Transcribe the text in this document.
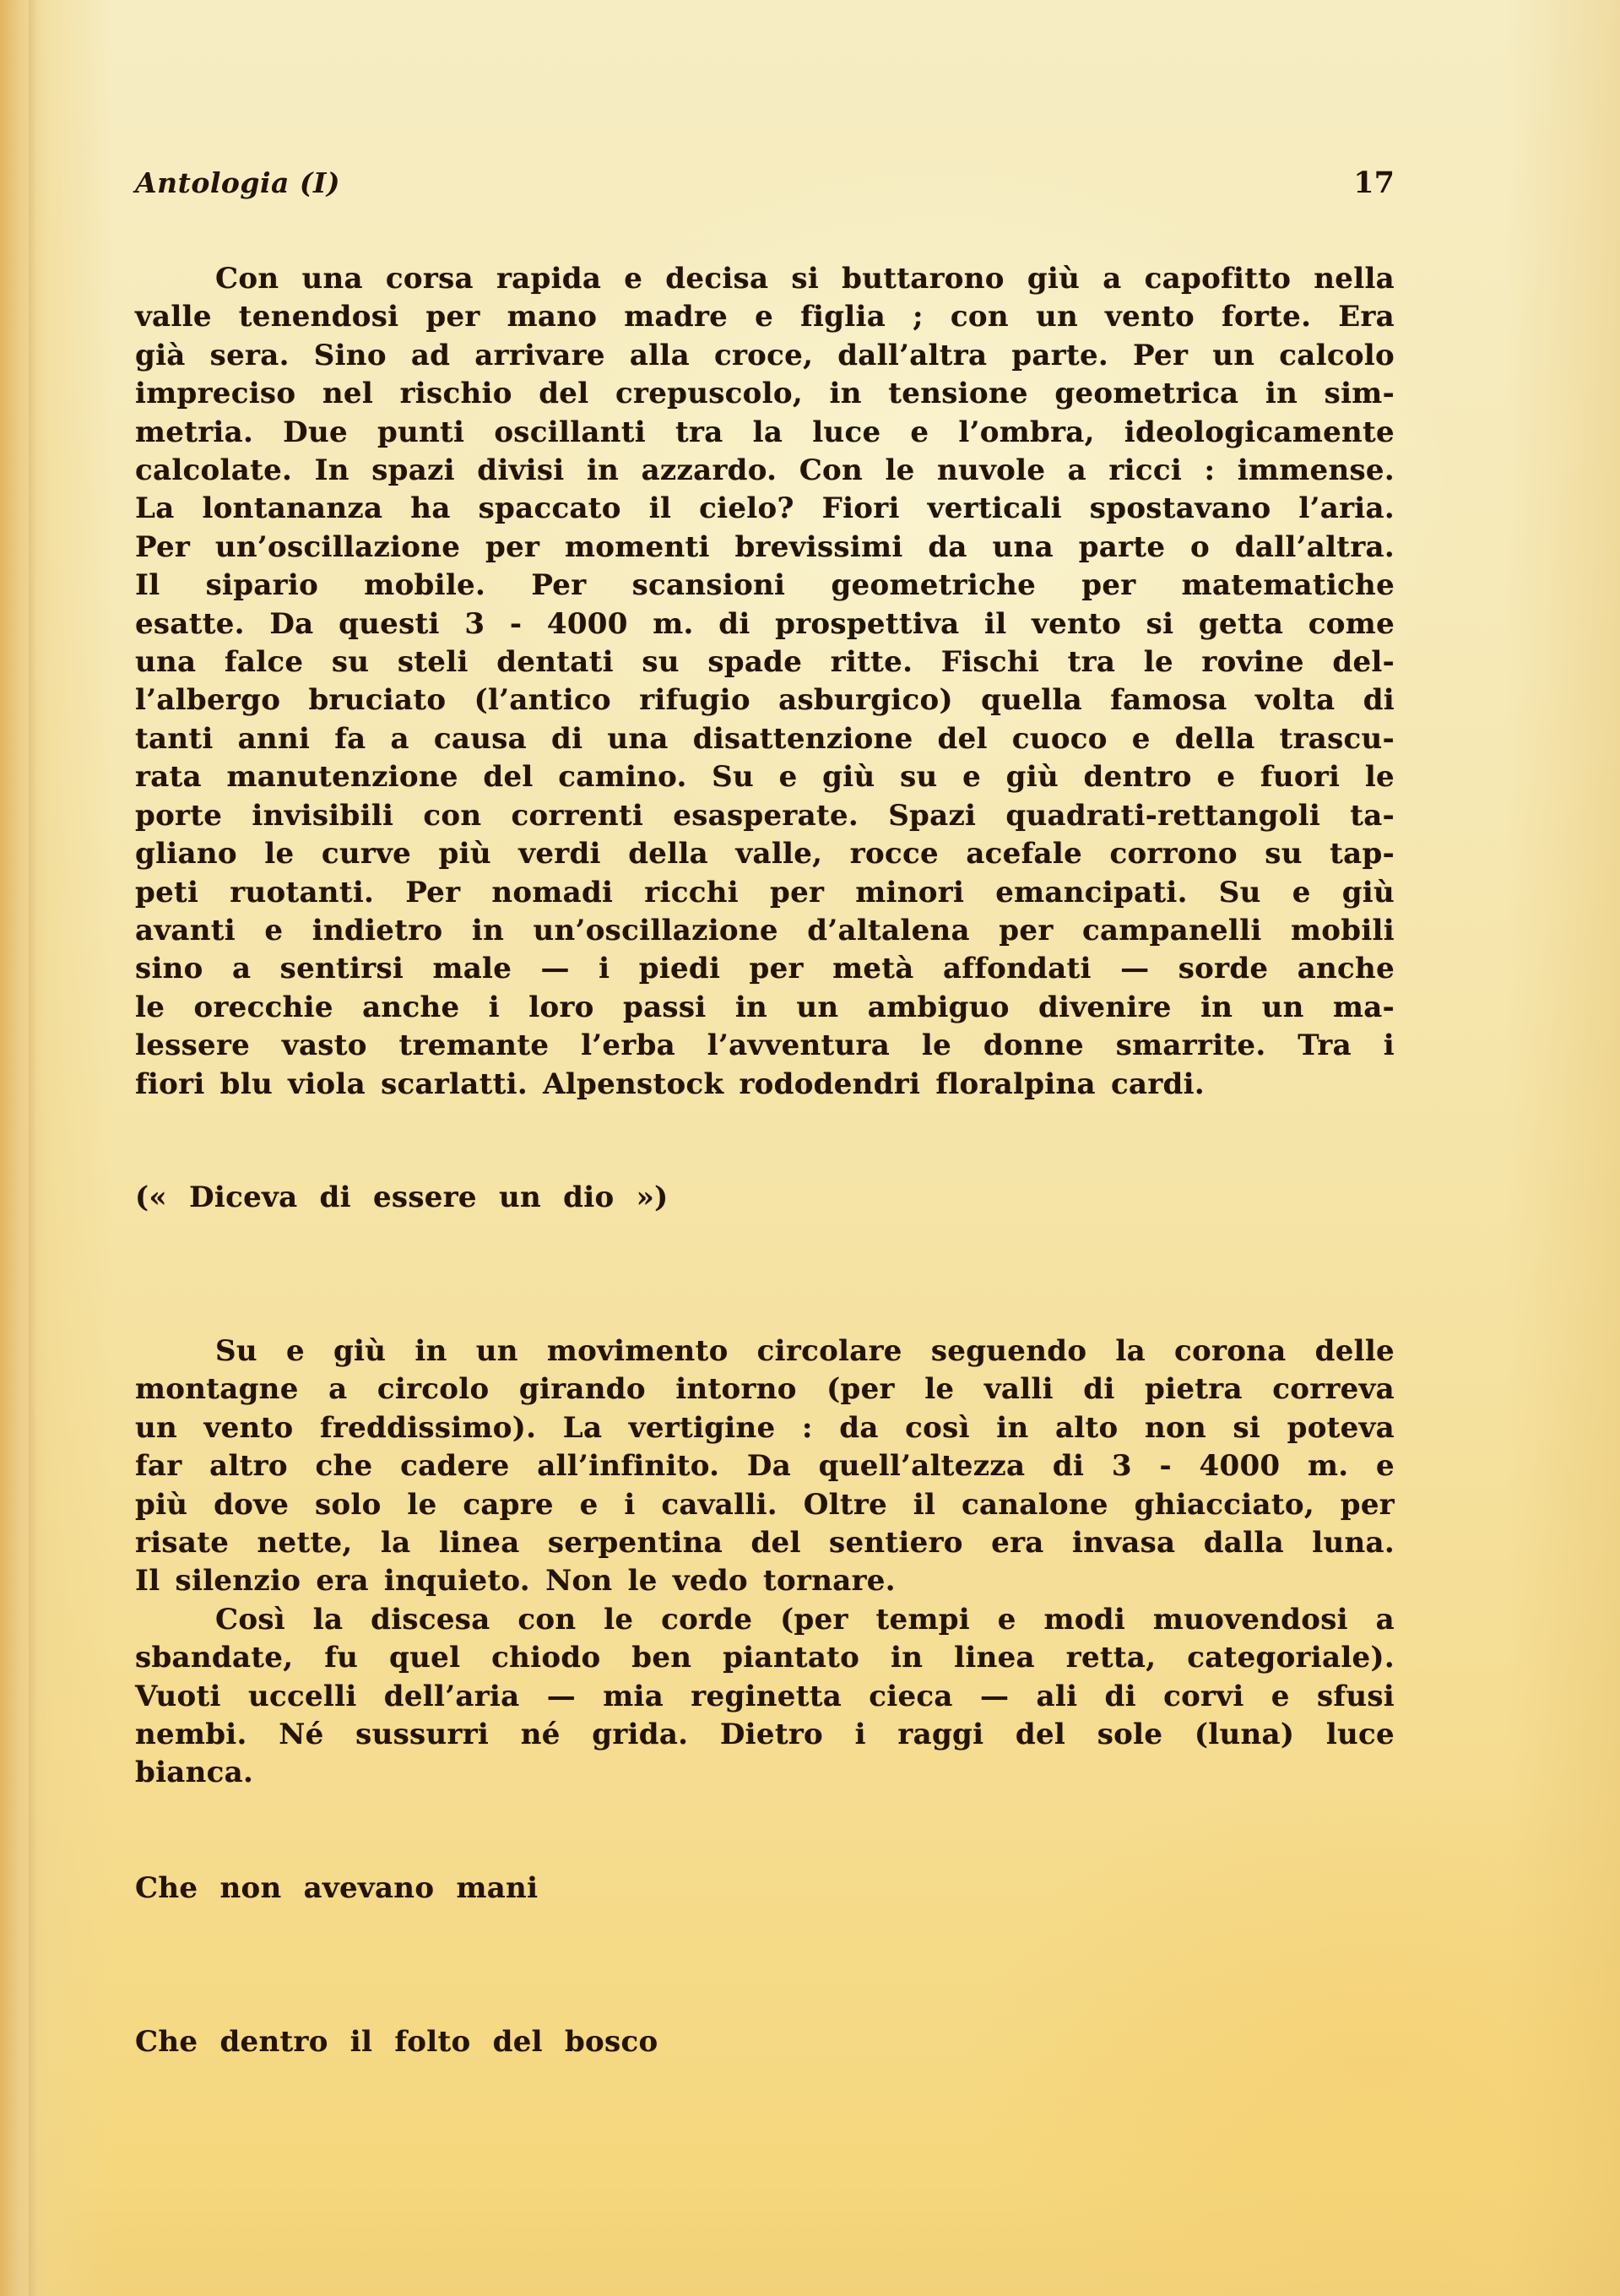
Antologia (I)	17
Con una corsa rapida e decisa si buttarono giù a capofitto nella
valle tenendosi per mano madre e figlia ; con un vento forte. Era
già sera. Sino ad arrivare alla croce, dall’altra parte. Per un calcolo
impreciso nel rischio del crepuscolo, in tensione geometrica in sim-
metria. Due punti oscillanti tra la luce e l’ombra, ideologicamente
calcolate. In spazi divisi in azzardo. Con le nuvole a ricci : immense.
La lontananza ha spaccato il cielo? Fiori verticali spostavano l’aria.
Per un’oscillazione per momenti brevissimi da una parte o dall’altra.
Il sipario mobile. Per scansioni geometriche per matematiche
esatte. Da questi 3 - 4000 m. di prospettiva il vento si getta come
una falce su steli dentati su spade ritte. Fischi tra le rovine del-
l’albergo bruciato (l’antico rifugio asburgico) quella famosa volta di
tanti anni fa a causa di una disattenzione del cuoco e della trascu-
rata manutenzione del camino. Su e giù su e giù dentro e fuori le
porte invisibili con correnti esasperate. Spazi quadrati-rettangoli ta-
gliano le curve più verdi della valle, rocce acefale corrono su tap-
peti ruotanti. Per nomadi ricchi per minori emancipati. Su e giù
avanti e indietro in un’oscillazione d’altalena per campanelli mobili
sino a sentirsi male — i piedi per metà affondati — sorde anche
le orecchie anche i loro passi in un ambiguo divenire in un ma-
lessere vasto tremante l’erba l’avventura le donne smarrite. Tra i
fiori blu viola scarlatti. Alpenstock rododendri floralpina cardi.
(« Diceva di essere un dio »)
Su e giù in un movimento circolare seguendo la corona delle
montagne a circolo girando intorno (per le valli di pietra correva
un vento freddissimo). La vertigine : da così in alto non si poteva
far altro che cadere all’infinito. Da quell’altezza di 3 - 4000 m. e
più dove solo le capre e i cavalli. Oltre il canalone ghiacciato, per
risate nette, la linea serpentina del sentiero era invasa dalla luna.
Il silenzio era inquieto. Non le vedo tornare.
Così la discesa con le corde (per tempi e modi muovendosi a
sbandate, fu quel chiodo ben piantato in linea retta, categoriale).
Vuoti uccelli dell’aria — mia reginetta cieca — ali di corvi e sfusi
nembi. Né sussurri né grida. Dietro i raggi del sole (luna) luce
bianca.
Che non avevano mani
Che dentro il folto del bosco
